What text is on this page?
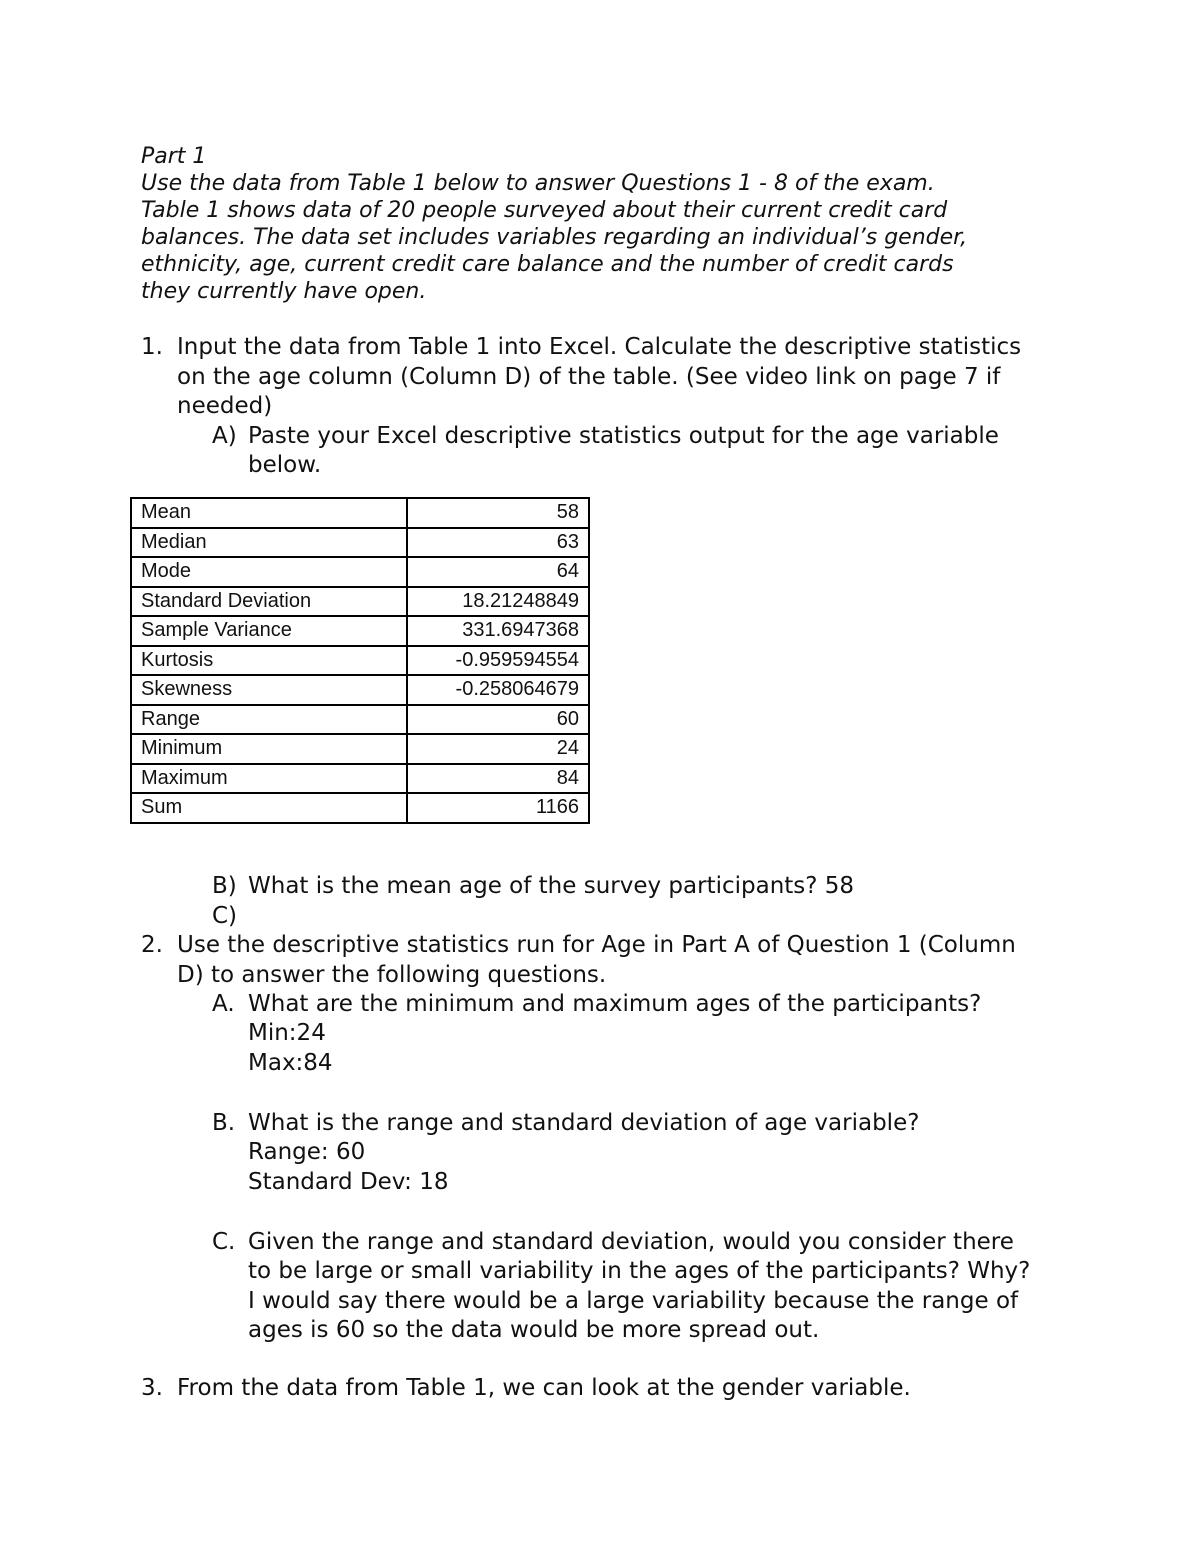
Part 1

Use the data from Table 1 below to answer Questions 1 - 8 of the exam.

Table 1 shows data of 20 people surveyed about their current credit card

balances. The data set includes variables regarding an individual’s gender,

ethnicity, age, current credit care balance and the number of credit cards

they currently have open.

1. Input the data from Table 1 into Excel. Calculate the descriptive statistics
on the age column (Column D) of the table. (See video link on page 7 if
needed)
A) Paste your Excel descriptive statistics output for the age variable
below.
Mean	58
Median	63
Mode	64
Standard Deviation	18.21248849
Sample Variance	331.6947368
Kurtosis	-0.959594554
Skewness	-0.258064679
Range	60
Minimum	24
Maximum	84
Sum	1166
B) What is the mean age of the survey participants? 58
C)
2. Use the descriptive statistics run for Age in Part A of Question 1 (Column
D) to answer the following questions.
A. What are the minimum and maximum ages of the participants?
Min:24
Max:84
B. What is the range and standard deviation of age variable?
Range: 60
Standard Dev: 18
C. Given the range and standard deviation, would you consider there
to be large or small variability in the ages of the participants? Why?
I would say there would be a large variability because the range of
ages is 60 so the data would be more spread out.
3. From the data from Table 1, we can look at the gender variable.
